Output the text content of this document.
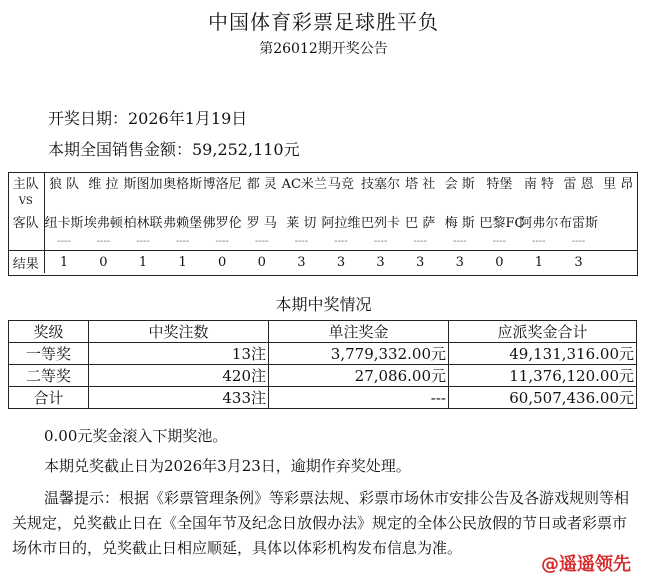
中国体育彩票足球胜平负
第26012期开奖公告
开奖日期：2026年1月19日
本期全国销售金额：59,252,110元
主队	狼 队	维 拉	斯图加	奥格斯	博洛尼	都 灵	AC米兰	马竞	技塞尔	塔 社	会 斯	特堡	南 特	雷 恩	里 昂
VS															
客队	纽卡斯	埃弗顿	柏林联	弗赖堡	佛罗伦	罗 马	莱 切	阿拉维	巴列卡	巴 萨	梅 斯	巴黎FC	阿弗尔	布雷斯	
	----	----	----	----	----	----	----	----	----	----	----	----	----	----	
结果	1	0	1	1	0	0	3	3	3	3	3	0	1	3	
本期中奖情况
奖级	中奖注数	单注奖金	应派奖金合计
一等奖	13注	3,779,332.00元	49,131,316.00元
二等奖	420注	27,086.00元	11,376,120.00元
合计	433注	---	60,507,436.00元
0.00元奖金滚入下期奖池。
本期兑奖截止日为2026年3月23日，逾期作弃奖处理。
温馨提示：根据《彩票管理条例》等彩票法规、彩票市场休市安排公告及各游戏规则等相关规定，兑奖截止日在《全国年节及纪念日放假办法》规定的全体公民放假的节日或者彩票市场休市日的，兑奖截止日相应顺延，具体以体彩机构发布信息为准。
@遥遥领先
